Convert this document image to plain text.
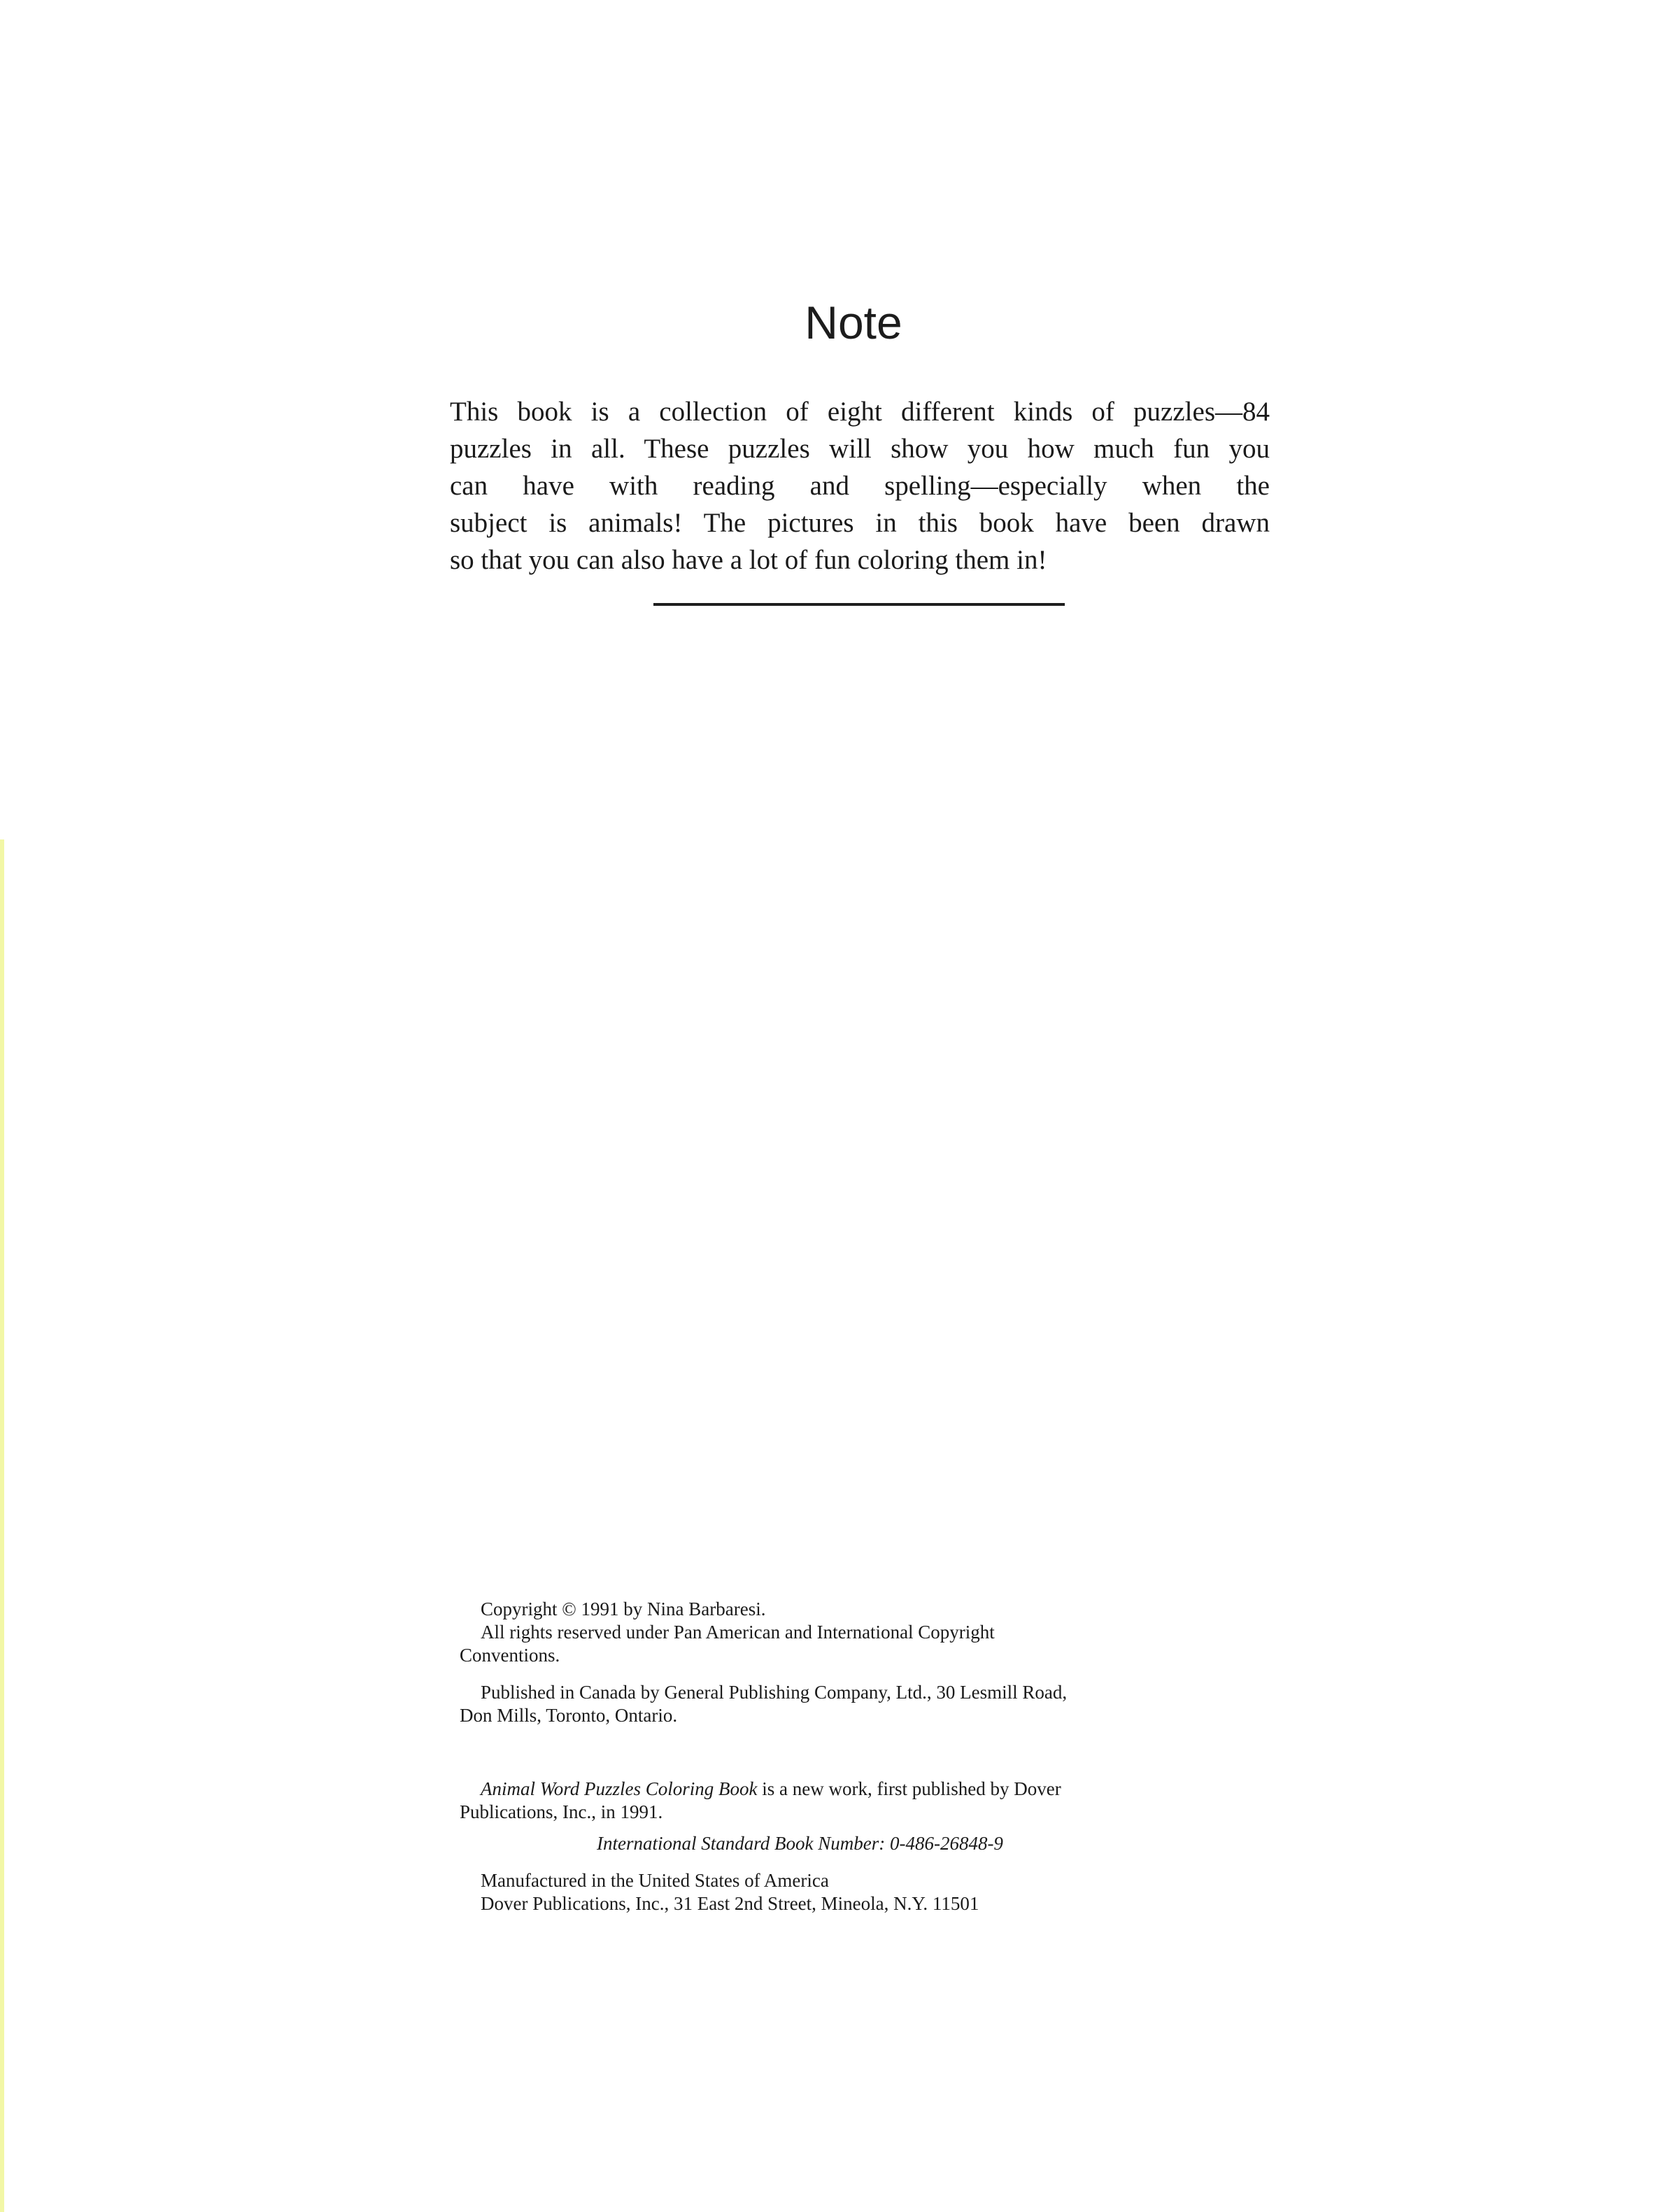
Note
This book is a collection of eight different kinds of puzzles—84
puzzles in all. These puzzles will show you how much fun you
can have with reading and spelling—especially when the
subject is animals! The pictures in this book have been drawn
so that you can also have a lot of fun coloring them in!
Copyright © 1991 by Nina Barbaresi.
All rights reserved under Pan American and International Copyright
Conventions.
Published in Canada by General Publishing Company, Ltd., 30 Lesmill Road,
Don Mills, Toronto, Ontario.
Animal Word Puzzles Coloring Book is a new work, first published by Dover
Publications, Inc., in 1991.
International Standard Book Number: 0-486-26848-9
Manufactured in the United States of America
Dover Publications, Inc., 31 East 2nd Street, Mineola, N.Y. 11501
